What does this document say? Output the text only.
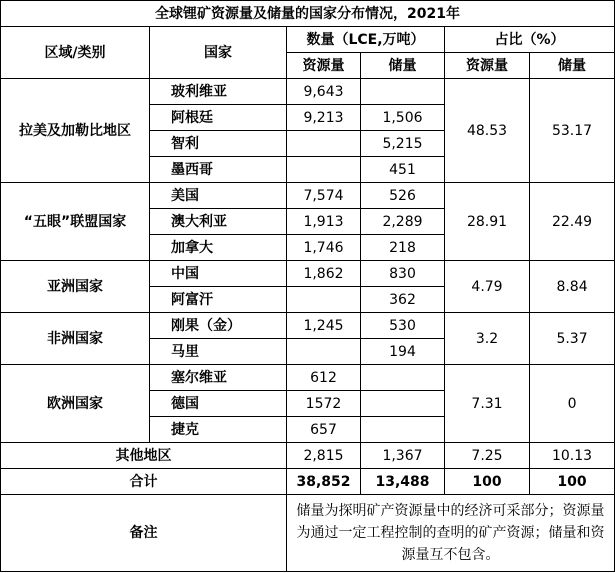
全球锂矿资源量及储量的国家分布情况，2021年					
区域/类别	国家	数量（LCE,万吨）		占比（%）	
		资源量	储量	资源量	储量
拉美及加勒比地区	玻利维亚	9,643		48.53	53.17
	阿根廷	9,213	1,506		
	智利		5,215		
	墨西哥		451		
“五眼”联盟国家	美国	7,574	526	28.91	22.49
	澳大利亚	1,913	2,289		
	加拿大	1,746	218		
亚洲国家	中国	1,862	830	4.79	8.84
	阿富汗		362		
非洲国家	刚果（金）	1,245	530	3.2	5.37
	马里		194		
欧洲国家	塞尔维亚	612		7.31	0
	德国	1572			
	捷克	657			
其他地区		2,815	1,367	7.25	10.13
合计		38,852	13,488	100	100
备注		储量为探明矿产资源量中的经济可采部分；资源量为通过一定工程控制的查明的矿产资源；储量和资源量互不包含。			
